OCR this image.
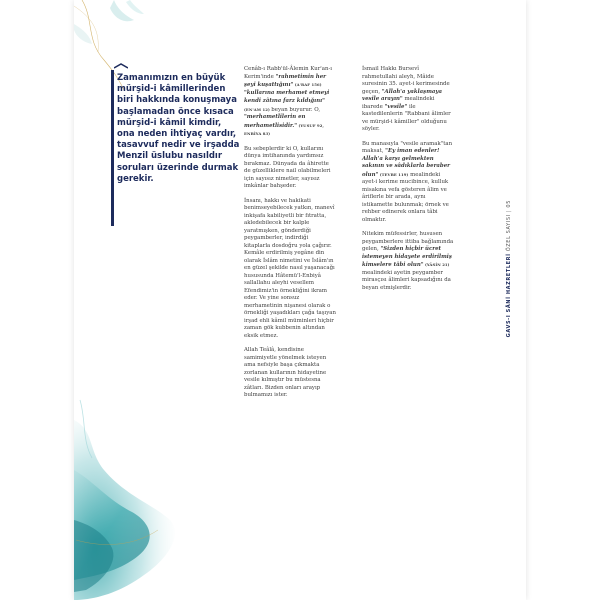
Zamanımızın en büyük mürşid-i kâmillerinden biri hakkında konuşmaya başlamadan önce kısaca mürşid-i kâmil kimdir, ona neden ihtiyaç vardır, tasavvuf nedir ve irşadda Menzil üslubu nasıldır soruları üzerinde durmak gerekir.

Cenâb-ı Rabb'ül-Âlemin Kur'an-ı Kerim'inde "rahmetimin her şeyi kuşattığını" (A'RAF 156) "kullarına merhamet etmeyi kendi zâtına farz kıldığını" (EN'AM 12) beyan buyurur. O, "merhametlilerin en merhametlisidir." (YUSUF 92, ENBİYA 83)

Bu sebeplerdir ki O, kullarını dünya imtihanında yardımsız bırakmaz. Dünyada da âhirette de güzelliklere nail olabilmeleri için sayısız nimetler, sayısız imkânlar bahşeder.

İnsanı, hakkı ve hakikati benimseyebilecek yatkın, manevî inkişafa kabiliyetli bir fıtratta, akledebilecek bir kalple yaratmışken, gönderdiği peygamberler, indirdiği kitaplarla dosdoğru yola çağırır. Kemâle erdirilmiş yegâne din olarak İslâm nimetini ve İslâm'ın en güzel şekilde nasıl yaşanacağı hususunda Hâtemü'l-Enbiyâ sallallahu aleyhi vesellem Efendimiz'in örnekliğini ikram eder. Ve yine sonsuz merhametinin nişanesi olarak o örnekliği yaşadıkları çağa taşıyan irşad ehli kâmil müminleri hiçbir zaman gök kubbenin altından eksik etmez.

Allah Teâlâ, kendisine samimiyetle yönelmek isteyen ama nefsiyle başa çıkmakta zorlanan kullarının hidayetine vesile kılmıştır bu müstesna zâtları. Bizden onları arayıp bulmamızı ister.

İsmail Hakkı Bursevî rahmetullahi aleyh, Mâide suresinin 35. ayet-i kerimesinde geçen, "Allah'a yaklaşmaya vesile arayın" mealindeki ibarede "vesile" ile kastedilenlerin "Rabbani âlimler ve mürşid-i kâmiller" olduğunu söyler.

Bu manasıyla "vesile aramak"tan maksat, "Ey iman edenler! Allah'a karşı gelmekten sakının ve sâdıklarla beraber olun" (TEVBE 119) mealindeki ayet-i kerime mucibince, kulluk misakına vefa gösteren âlim ve âriflerle bir arada, aynı istikamette bulunmak; örnek ve rehber edinerek onlara tâbi olmaktır.

Nitekim müfessirler, hususen peygamberlere ittiba bağlamında gelen, "Sizden hiçbir ücret istemeyen hidayete erdirilmiş kimselere tâbi olun" (YÂSİN 21) mealindeki ayetin peygamber mirasçısı âlimleri kapsadığını da beyan etmişlerdir.	GAVS-I SÂNİ HAZRETLERİ ÖZEL SAYISI | 05
